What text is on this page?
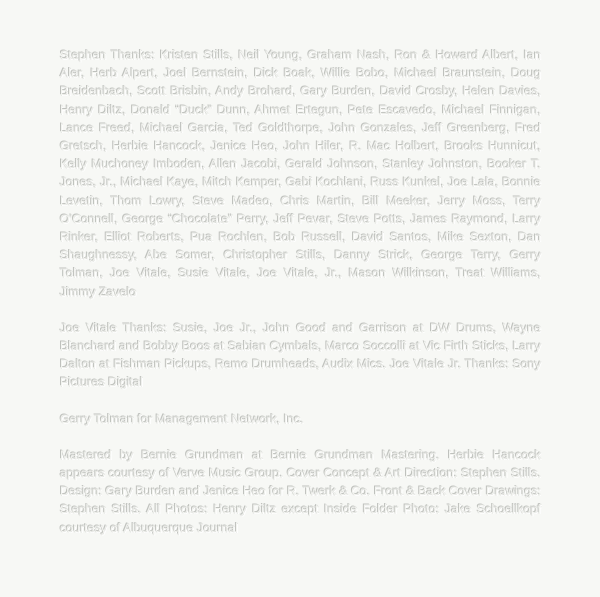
Stephen Thanks: Kristen Stills, Neil Young, Graham Nash, Ron & Howard Albert, Ian Aler, Herb Alpert, Joel Bernstein, Dick Boak, Willie Bobo, Michael Braunstein, Doug Breidenbach, Scott Brisbin, Andy Brohard, Gary Burden, David Crosby, Helen Davies, Henry Diltz, Donald “Duck” Dunn, Ahmet Ertegun, Pete Escavedo, Michael Finnigan, Lance Freed, Michael Garcia, Ted Goldthorpe, John Gonzales, Jeff Greenberg, Fred Gretsch, Herbie Hancock, Jenice Heo, John Hiler, R. Mac Holbert, Brooks Hunnicut, Kelly Muchoney Imboden, Allen Jacobi, Gerald Johnson, Stanley Johnston, Booker T. Jones, Jr., Michael Kaye, Mitch Kemper, Gabi Kochlani, Russ Kunkel, Joe Lala, Bonnie Levetin, Thom Lowry, Steve Madeo, Chris Martin, Bill Meeker, Jerry Moss, Terry O’Connell, George “Chocolate” Perry, Jeff Pevar, Steve Potts, James Raymond, Larry Rinker, Elliot Roberts, Pua Rochlen, Bob Russell, David Santos, Mike Sexton, Dan Shaughnessy, Abe Somer, Christopher Stills, Danny Strick, George Terry, Gerry Tolman, Joe Vitale, Susie Vitale, Joe Vitale, Jr., Mason Wilkinson, Treat Williams, Jimmy Zavelo

Joe Vitale Thanks: Susie, Joe Jr., John Good and Garrison at DW Drums, Wayne Blanchard and Bobby Boos at Sabian Cymbals, Marco Soccolli at Vic Firth Sticks, Larry Dalton at Fishman Pickups, Remo Drumheads, Audix Mics. Joe Vitale Jr. Thanks: Sony Pictures Digital

Gerry Tolman for Management Network, Inc.

Mastered by Bernie Grundman at Bernie Grundman Mastering. Herbie Hancock appears courtesy of Verve Music Group. Cover Concept & Art Direction: Stephen Stills. Design: Gary Burden and Jenice Heo for R. Twerk & Co. Front & Back Cover Drawings: Stephen Stills. All Photos: Henry Diltz except Inside Folder Photo: Jake Schoellkopf courtesy of Albuquerque Journal
